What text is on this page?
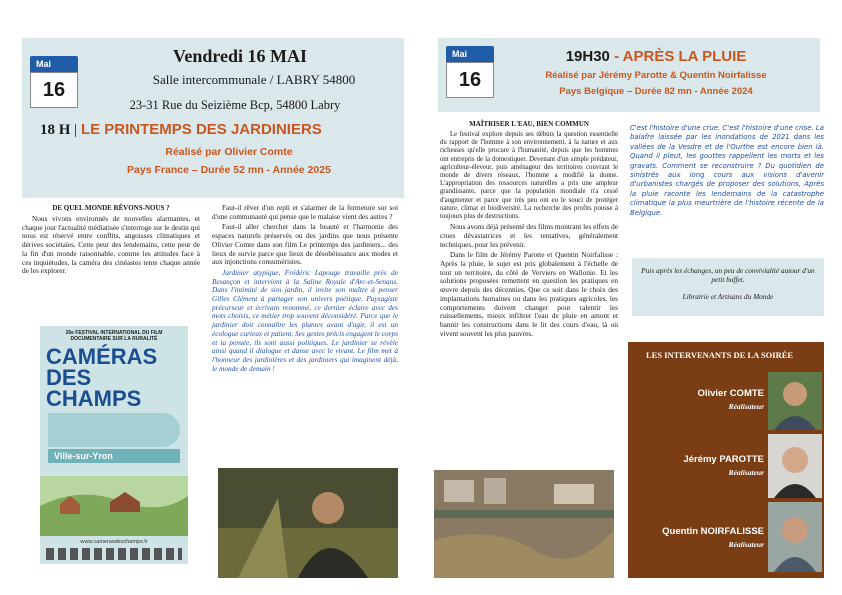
Mai
16
Vendredi 16 MAI
Salle intercommunale / LABRY 54800
23-31 Rue du Seizième Bcp, 54800 Labry
18 H | LE PRINTEMPS DES JARDINIERS
Réalisé par Olivier Comte
Pays France – Durée 52 mn - Année 2025
DE QUEL MONDE RÊVONS-NOUS ?
Nous vivons environnés de nouvelles alarmantes, et chaque jour l'actualité médiatisée s'interroge sur le destin qui nous est réservé entre conflits, angoisses climatiques et dérives sociétales. Cette peur des lendemains, cette peur de la fin d'un monde raisonnable, comme les attitudes face à ces inquiétudes, la caméra des cinéastes tente chaque année de les explorer.
26e FESTIVAL INTERNATIONAL DU FILM DOCUMENTAIRE SUR LA RURALITÉ
CAMÉRAS DES CHAMPS
Ville-sur-Yron
www.camerasdeschamps.fr

Faut-il rêver d'un repli et s'alarmer de la fermeture sur soi d'une communauté qui pense que le malaise vient des autres ?

Faut-il aller chercher dans la beauté et l'harmonie des espaces naturels préservés ou des jardins que nous présente Olivier Comte dans son film Le printemps des jardiniers... des lieux de survie parce que lieux de désobéissance aux modes et aux injonctions consuméristes.

Jardinier atypique, Frédéric Lapouge travaille près de Besançon et intervient à la Saline Royale d'Arc-et-Senans. Dans l'intimité de son jardin, il invite son maître à penser Gilles Clément à partager son univers poétique. Paysagiste précurseur et écrivain renommé, ce dernier éclaire avec des mots choisis, ce métier trop souvent déconsidéré. Parce que le jardinier doit connaître les plantes avant d'agir, il est un écologue curieux et patient. Ses gestes précis engagent le corps et la pensée, ils sont aussi politiques. Le jardinier se révèle ainsi quand il dialogue et danse avec le vivant. Le film met à l'honneur des jardinières et des jardiniers qui imaginent déjà, le monde de demain !

Mai
16
19H30 - APRÈS LA PLUIE
Réalisé par Jérémy Parotte & Quentin Noirfalisse
Pays Belgique – Durée 82 mn - Année 2024
MAÎTRISER L'EAU, BIEN COMMUN

Le festival explore depuis ses débuts la question essentielle du rapport de l'homme à son environnement, à la nature et aux richesses qu'elle procure à l'humanité, depuis que les hommes ont entrepris de la domestiquer. Devenant d'un simple prédateur, agriculteur-éleveur, puis aménageur des territoires couvrant le monde de divers réseaux, l'homme a modifié la donne. L'appropriation des ressources naturelles a pris une ampleur grandissante, parce que la population mondiale n'a cessé d'augmenter et parce que très peu ont eu le souci de protéger nature, climat et biodiversité. La recherche des profits pousse à toujours plus de destructions.

Nous avons déjà présenté des films montrant les effets de crues dévastatrices et les tentatives, généralement techniques, pour les prévenir.

Dans le film de Jérémy Parotte et Quentin Noirfalisse : Après la pluie, le sujet est pris globalement à l'échelle de tout un territoire, du côté de Verviers en Wallonie. Et les solutions proposées remettent en question les pratiques en œuvre depuis des décennies. Que ce soit dans le choix des implantations humaines ou dans les pratiques agricoles, les comportements doivent changer pour ralentir les ruissellements, mieux infiltrer l'eau de pluie en amont et bannir les constructions dans le lit des cours d'eau, là où vivent souvent les plus pauvres.

C'est l'histoire d'une crue. C'est l'histoire d'une crise. La balafre laissée par les inondations de 2021 dans les vallées de la Vesdre et de l'Ourthe est encore bien là. Quand il pleut, les gouttes rappellent les morts et les gravats. Comment se reconstruire ? Du quotidien de sinistrés aux long cours aux visions d'avenir d'urbanistes chargés de proposer des solutions, Après la pluie raconte les lendemains de la catastrophe climatique la plus meurtrière de l'histoire récente de la Belgique.
Puis après les échanges, un peu de convivialité autour d'un petit buffet.
Librairie et Artisans du Monde
LES INTERVENANTS DE LA SOIRÉE
Olivier COMTE
Réalisateur
Jérémy PAROTTE
Réalisateur
Quentin NOIRFALISSE
Réalisateur
